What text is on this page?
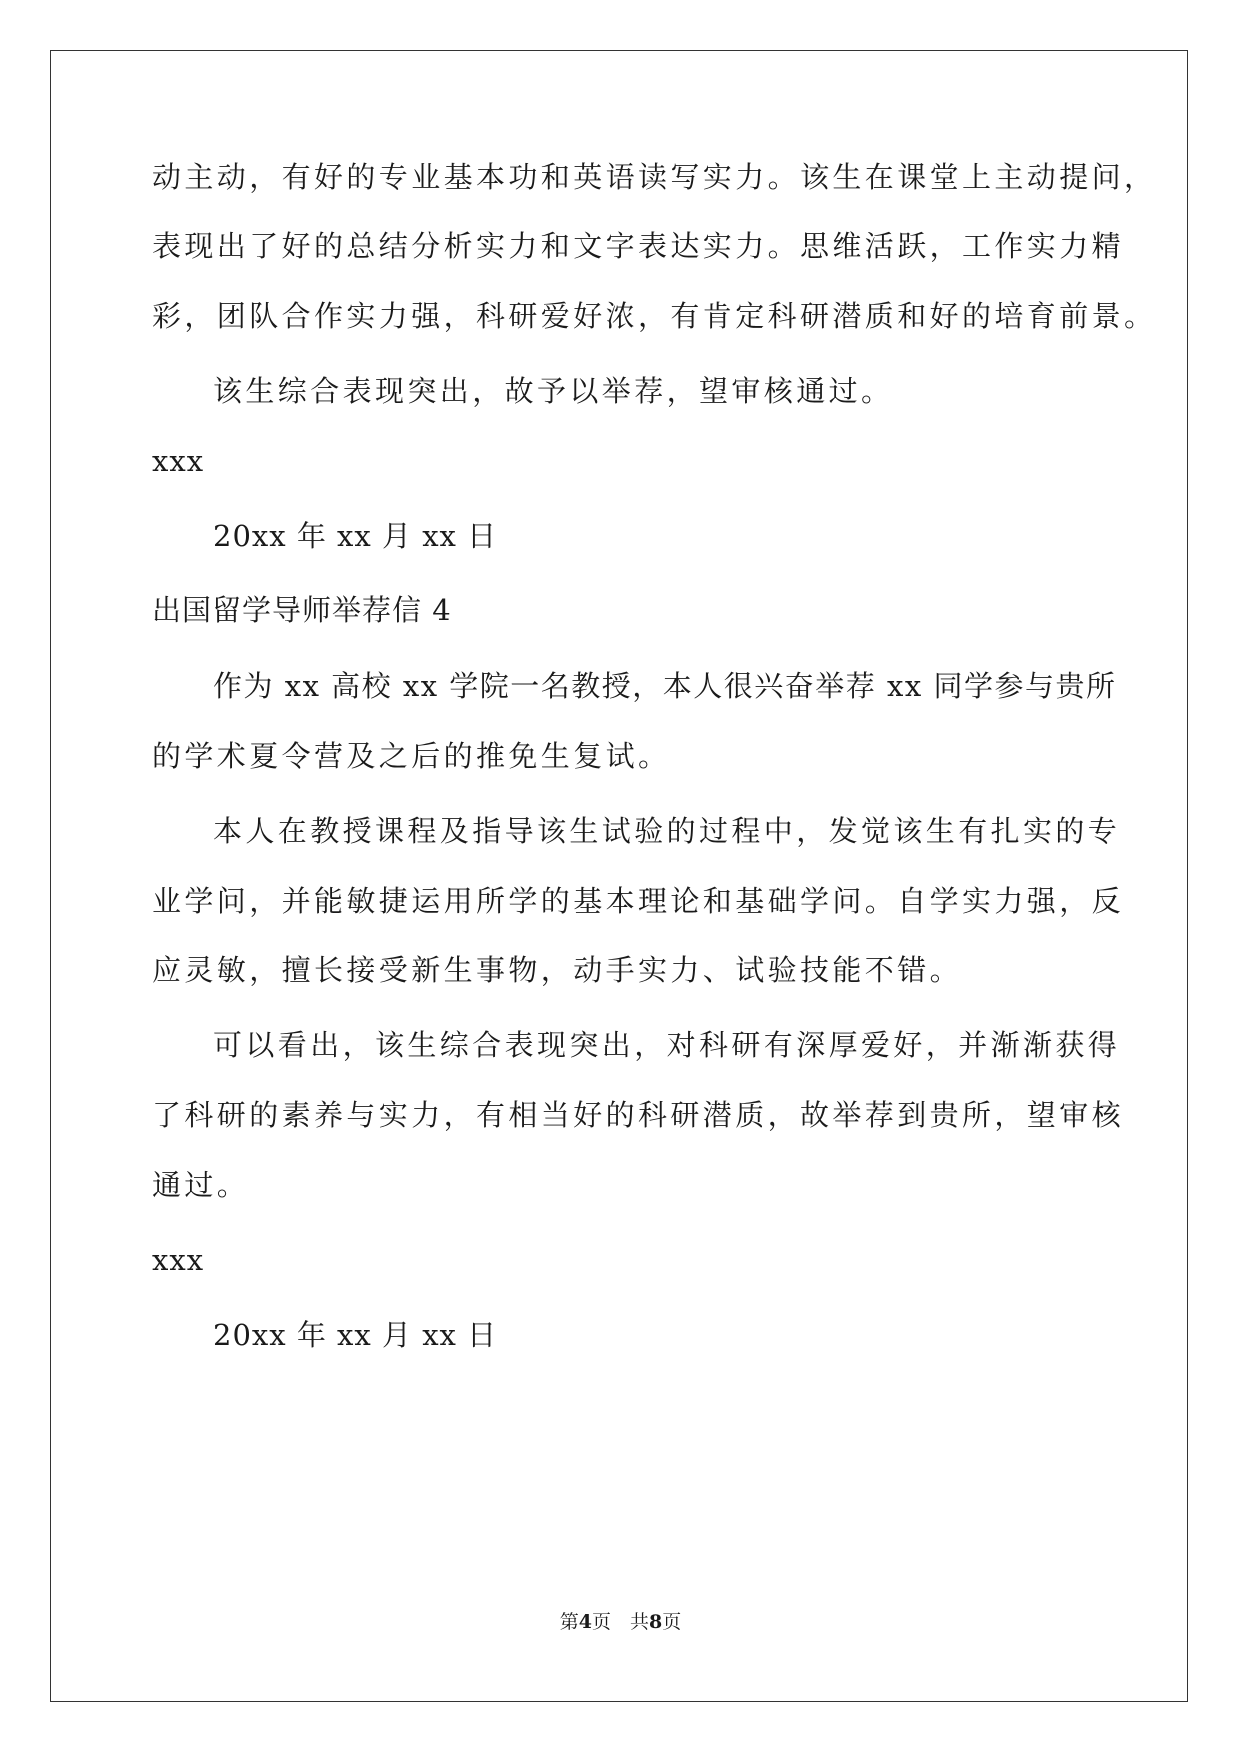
动主动，有好的专业基本功和英语读写实力。该生在课堂上主动提问，
表现出了好的总结分析实力和文字表达实力。思维活跃，工作实力精
彩，团队合作实力强，科研爱好浓，有肯定科研潜质和好的培育前景。
该生综合表现突出，故予以举荐，望审核通过。
xxx
20xx 年 xx 月 xx 日
出国留学导师举荐信 4
作为 xx 高校 xx 学院一名教授，本人很兴奋举荐 xx 同学参与贵所
的学术夏令营及之后的推免生复试。
本人在教授课程及指导该生试验的过程中，发觉该生有扎实的专
业学问，并能敏捷运用所学的基本理论和基础学问。自学实力强，反
应灵敏，擅长接受新生事物，动手实力、试验技能不错。
可以看出，该生综合表现突出，对科研有深厚爱好，并渐渐获得
了科研的素养与实力，有相当好的科研潜质，故举荐到贵所，望审核
通过。
xxx
20xx 年 xx 月 xx 日
第4页　共8页
